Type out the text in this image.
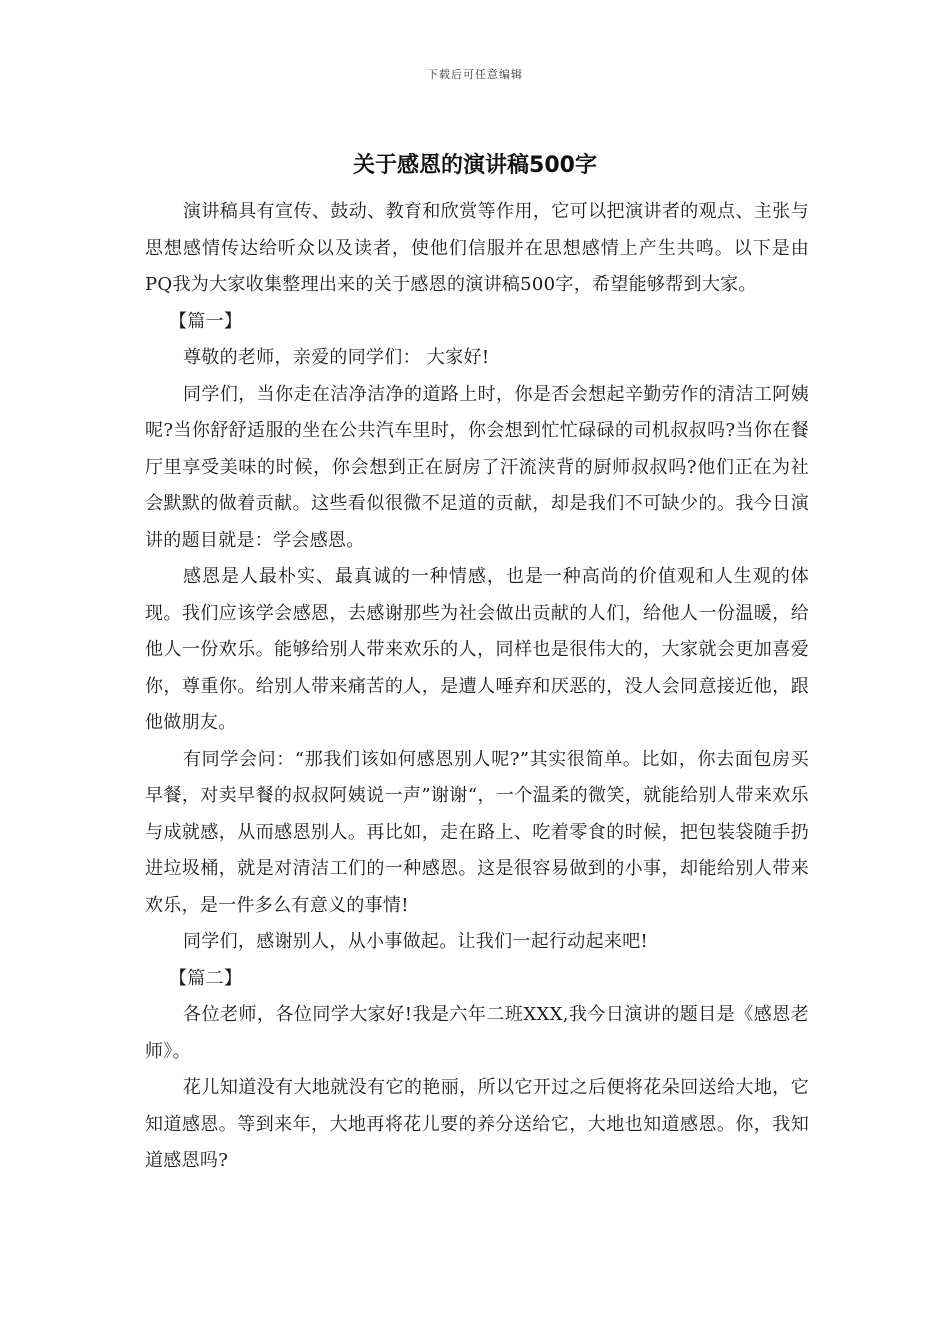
下载后可任意编辑
关于感恩的演讲稿500字

演讲稿具有宣传、鼓动、教育和欣赏等作用，它可以把演讲者的观点、主张与思想感情传达给听众以及读者，使他们信服并在思想感情上产生共鸣。以下是由PQ我为大家收集整理出来的关于感恩的演讲稿500字，希望能够帮到大家。

【篇一】

尊敬的老师，亲爱的同学们： 大家好!

同学们，当你走在洁净洁净的道路上时，你是否会想起辛勤劳作的清洁工阿姨呢?当你舒舒适服的坐在公共汽车里时，你会想到忙忙碌碌的司机叔叔吗?当你在餐厅里享受美味的时候，你会想到正在厨房了汗流浃背的厨师叔叔吗?他们正在为社会默默的做着贡献。这些看似很微不足道的贡献，却是我们不可缺少的。我今日演讲的题目就是：学会感恩。

感恩是人最朴实、最真诚的一种情感，也是一种高尚的价值观和人生观的体现。我们应该学会感恩，去感谢那些为社会做出贡献的人们，给他人一份温暖，给他人一份欢乐。能够给别人带来欢乐的人，同样也是很伟大的，大家就会更加喜爱你，尊重你。给别人带来痛苦的人，是遭人唾弃和厌恶的，没人会同意接近他，跟他做朋友。

有同学会问：“那我们该如何感恩别人呢?”其实很简单。比如，你去面包房买早餐，对卖早餐的叔叔阿姨说一声”谢谢“，一个温柔的微笑，就能给别人带来欢乐与成就感，从而感恩别人。再比如，走在路上、吃着零食的时候，把包装袋随手扔进垃圾桶，就是对清洁工们的一种感恩。这是很容易做到的小事，却能给别人带来欢乐，是一件多么有意义的事情!

同学们，感谢别人，从小事做起。让我们一起行动起来吧!

【篇二】

各位老师，各位同学大家好!我是六年二班XXX,我今日演讲的题目是《感恩老师》。

花儿知道没有大地就没有它的艳丽，所以它开过之后便将花朵回送给大地，它知道感恩。等到来年，大地再将花儿要的养分送给它，大地也知道感恩。你，我知道感恩吗?
